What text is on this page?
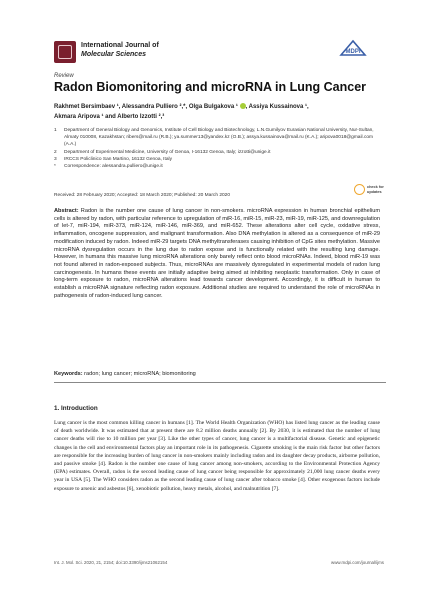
International Journal of
Molecular Sciences	MDPI
Review
Radon Biomonitoring and microRNA in Lung Cancer
Rakhmet Bersimbaev ¹, Alessandra Pulliero ²,*, Olga Bulgakova ¹ , Assiya Kussainova ¹,
Akmara Aripova ¹ and Alberto Izzotti ²,³
1	Department of General Biology and Genomics, Institute of Cell Biology and Biotechnology, L.N.Gumilyov Eurasian National University, Nur-Sultan, Almaty 010008, Kazakhstan; ribers@mail.ru (R.B.); ya.summer13@yandex.kz (O.B.); assya.kussainova@mail.ru (K.A.); aripova0018@gmail.com (A.A.)
2	Department of Experimental Medicine, University of Genoa, I-16132 Genoa, Italy; izzotti@unige.it
3	IRCCS Policlinico San Martino, 16132 Genoa, Italy
*	Correspondence: alessandra.pulliero@unige.it
Received: 28 February 2020; Accepted: 18 March 2020; Published: 20 March 2020
check for
updates
Abstract: Radon is the number one cause of lung cancer in non-smokers. microRNA expression in human bronchial epithelium cells is altered by radon, with particular reference to upregulation of miR-16, miR-15, miR-23, miR-19, miR-125, and downregulation of let-7, miR-194, miR-373, miR-124, miR-146, miR-369, and miR-652. These alterations alter cell cycle, oxidative stress, inflammation, oncogene suppression, and malignant transformation. Also DNA methylation is altered as a consequence of miR-29 modification induced by radon. Indeed miR-29 targets DNA methyltransferases causing inhibition of CpG sites methylation. Massive microRNA dysregulation occurs in the lung due to radon expose and is functionally related with the resulting lung damage. However, in humans this massive lung microRNA alterations only barely reflect onto blood microRNAs. Indeed, blood miR-19 was not found altered in radon-exposed subjects. Thus, microRNAs are massively dysregulated in experimental models of radon lung carcinogenesis. In humans these events are initially adaptive being aimed at inhibiting neoplastic transformation. Only in case of long-term exposure to radon, microRNA alterations lead towards cancer development. Accordingly, it is difficult in human to establish a microRNA signature reflecting radon exposure. Additional studies are required to understand the role of microRNAs in pathogenesis of radon-induced lung cancer.
Keywords: radon; lung cancer; microRNA; biomonitoring
1. Introduction
Lung cancer is the most common killing cancer in humans [1]. The World Health Organization (WHO) has listed lung cancer as the leading cause of death worldwide. It was estimated that at present there are 8.2 million deaths annually [2]. By 2030, it is estimated that the number of lung cancer deaths will rise to 10 million per year [3]. Like the other types of cancer, lung cancer is a multifactorial disease. Genetic and epigenetic changes in the cell and environmental factors play an important role in its pathogenesis. Cigarette smoking is the main risk factor but other factors are responsible for the increasing burden of lung cancer in non-smokers mainly including radon and its daughter decay products, airborne pollution, and passive smoke [4]. Radon is the number one cause of lung cancer among non-smokers, according to the Environmental Protection Agency (EPA) estimates. Overall, radon is the second leading cause of lung cancer being responsible for approximately 21,000 lung cancer deaths every year in USA [5]. The WHO considers radon as the second leading cause of lung cancer after tobacco smoke [4]. Other exogenous factors include exposure to arsenic and asbestos [6], xenobiotic pollution, heavy metals, alcohol, and malnutrition [7].
Int. J. Mol. Sci. 2020, 21, 2154; doi:10.3390/ijms21062154	www.mdpi.com/journal/ijms
